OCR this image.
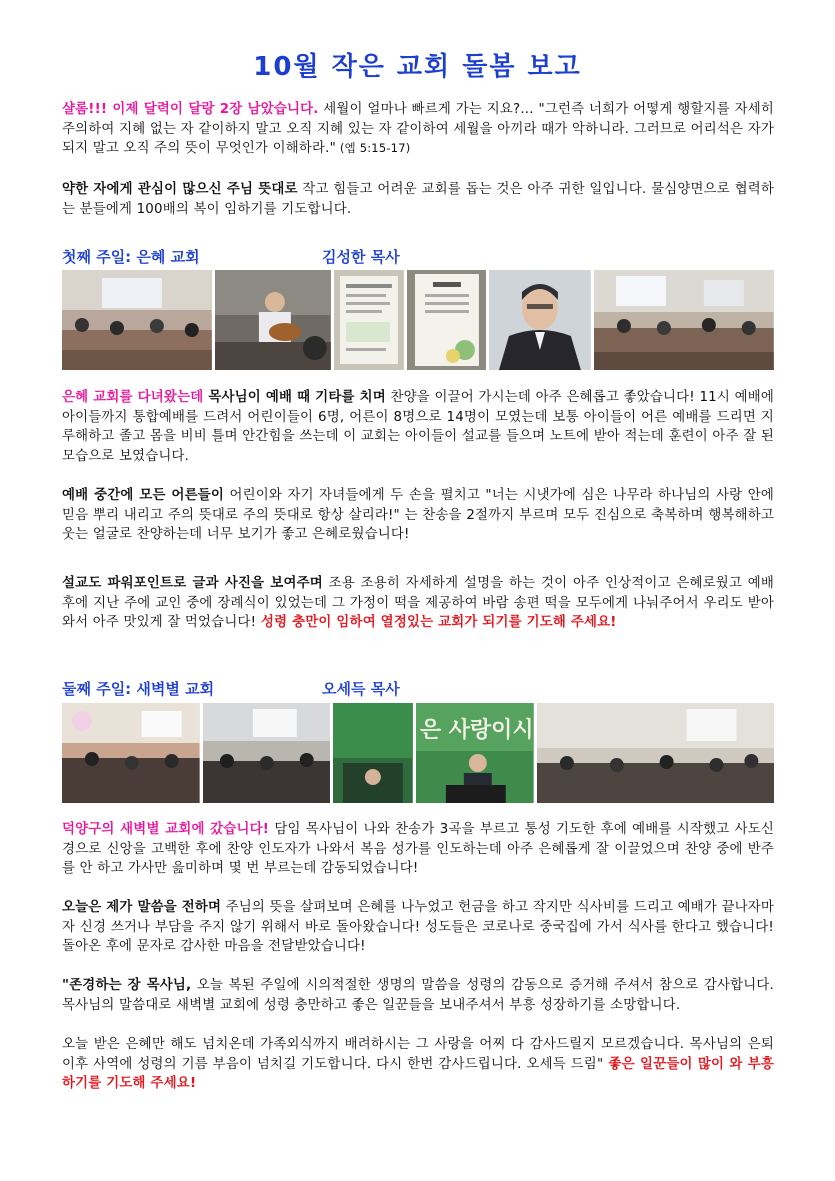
10월 작은 교회 돌봄 보고
샬롬!!! 이제 달력이 달랑 2장 남았습니다. 세월이 얼마나 빠르게 가는 지요?... "그런즉 너희가 어떻게 행할지를 자세히 주의하여 지혜 없는 자 같이하지 말고 오직 지혜 있는 자 같이하여 세월을 아끼라 때가 악하니라. 그러므로 어리석은 자가 되지 말고 오직 주의 뜻이 무엇인가 이해하라." (엡 5:15-17)
약한 자에게 관심이 많으신 주님 뜻대로 작고 힘들고 어려운 교회를 돕는 것은 아주 귀한 일입니다. 물심양면으로 협력하는 분들에게 100배의 복이 임하기를 기도합니다.
첫째 주일: 은혜 교회	김성한 목사
은혜 교회를 다녀왔는데 목사님이 예배 때 기타를 치며 찬양을 이끌어 가시는데 아주 은혜롭고 좋았습니다! 11시 예배에 아이들까지 통합예배를 드려서 어린이들이 6명, 어른이 8명으로 14명이 모였는데 보통 아이들이 어른 예배를 드리면 지루해하고 졸고 몸을 비비 틀며 안간힘을 쓰는데 이 교회는 아이들이 설교를 들으며 노트에 받아 적는데 훈련이 아주 잘 된 모습으로 보였습니다.
예배 중간에 모든 어른들이 어린이와 자기 자녀들에게 두 손을 펼치고 "너는 시냇가에 심은 나무라 하나님의 사랑 안에 믿음 뿌리 내리고 주의 뜻대로 주의 뜻대로 항상 살리라!" 는 찬송을 2절까지 부르며 모두 진심으로 축복하며 행복해하고 웃는 얼굴로 찬양하는데 너무 보기가 좋고 은혜로웠습니다!
설교도 파워포인트로 글과 사진을 보여주며 조용 조용히 자세하게 설명을 하는 것이 아주 인상적이고 은혜로웠고 예배 후에 지난 주에 교인 중에 장례식이 있었는데 그 가정이 떡을 제공하여 바람 송편 떡을 모두에게 나눠주어서 우리도 받아와서 아주 맛있게 잘 먹었습니다! 성령 충만이 임하여 열정있는 교회가 되기를 기도해 주세요!
둘째 주일: 새벽별 교회	오세득 목사
은 사랑이시
덕양구의 새벽별 교회에 갔습니다! 담임 목사님이 나와 찬송가 3곡을 부르고 통성 기도한 후에 예배를 시작했고 사도신경으로 신앙을 고백한 후에 찬양 인도자가 나와서 복음 성가를 인도하는데 아주 은혜롭게 잘 이끌었으며 찬양 중에 반주를 안 하고 가사만 읊미하며 몇 번 부르는데 감동되었습니다!
오늘은 제가 말씀을 전하며 주님의 뜻을 살펴보며 은혜를 나누었고 헌금을 하고 작지만 식사비를 드리고 예배가 끝나자마자 신경 쓰거나 부담을 주지 않기 위해서 바로 돌아왔습니다! 성도들은 코로나로 중국집에 가서 식사를 한다고 했습니다! 돌아온 후에 문자로 감사한 마음을 전달받았습니다!
"존경하는 장 목사님, 오늘 복된 주일에 시의적절한 생명의 말씀을 성령의 감동으로 증거해 주셔서 참으로 감사합니다. 목사님의 말씀대로 새벽별 교회에 성령 충만하고 좋은 일꾼들을 보내주셔서 부흥 성장하기를 소망합니다.
오늘 받은 은혜만 해도 넘치온데 가족외식까지 배려하시는 그 사랑을 어찌 다 감사드릴지 모르겠습니다. 목사님의 은퇴 이후 사역에 성령의 기름 부음이 넘치길 기도합니다. 다시 한번 감사드립니다. 오세득 드림" 좋은 일꾼들이 많이 와 부흥하기를 기도해 주세요!
